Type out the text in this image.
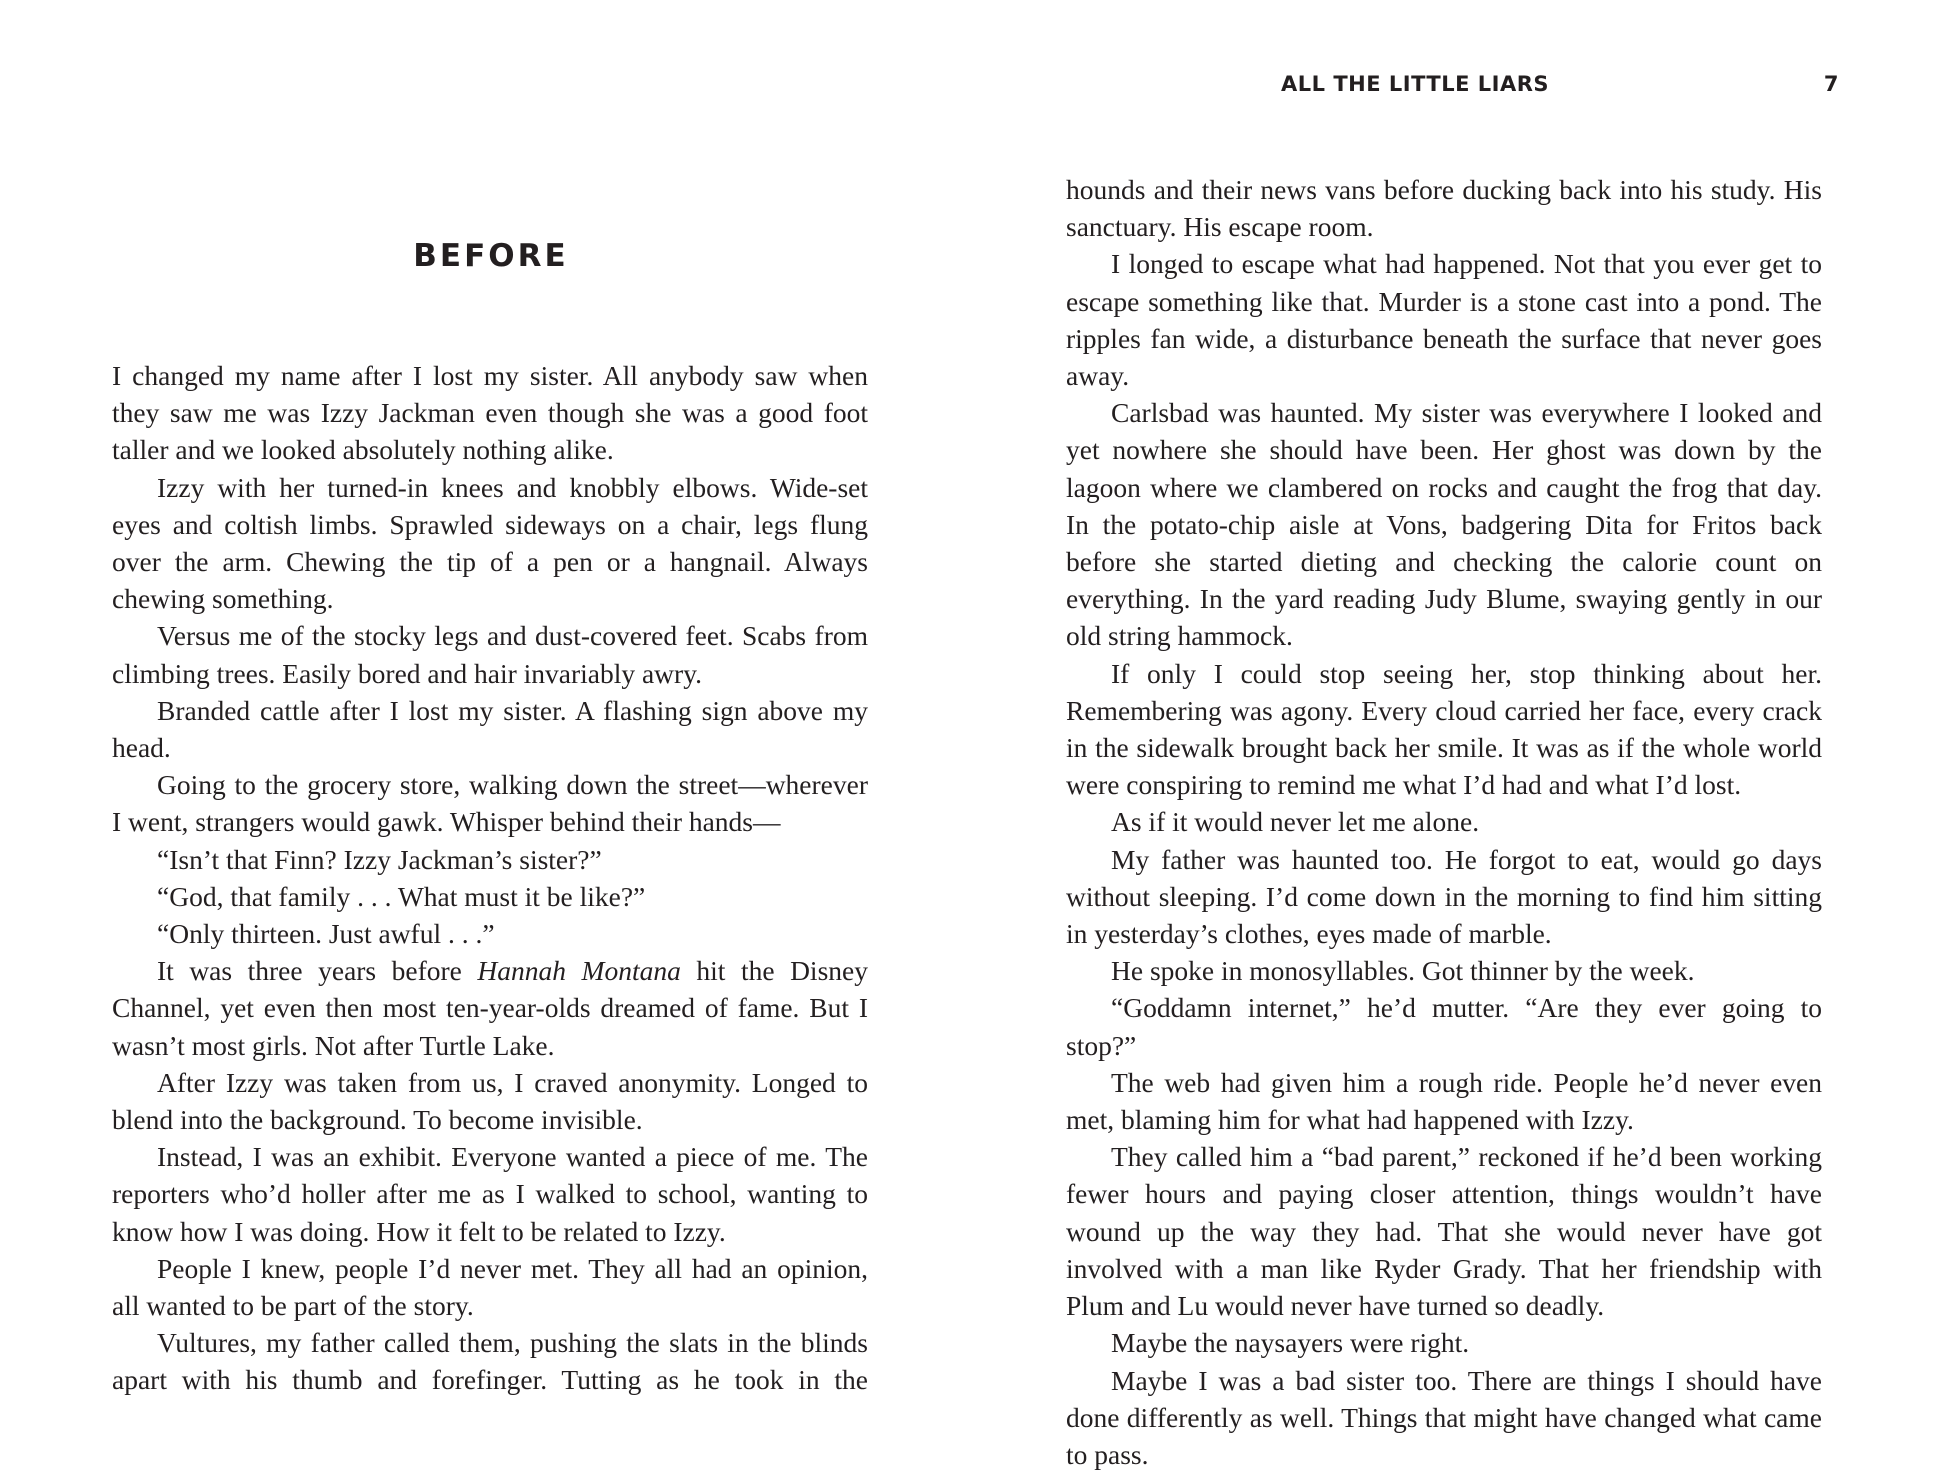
BEFORE

I changed my name after I lost my sister. All anybody saw when they saw me was Izzy Jackman even though she was a good foot taller and we looked absolutely nothing alike.

Izzy with her turned-in knees and knobbly elbows. Wide-set eyes and coltish limbs. Sprawled sideways on a chair, legs flung over the arm. Chewing the tip of a pen or a hangnail. Always chewing something.

Versus me of the stocky legs and dust-covered feet. Scabs from climbing trees. Easily bored and hair invariably awry.

Branded cattle after I lost my sister. A flashing sign above my head.

Going to the grocery store, walking down the street—wherever I went, strangers would gawk. Whisper behind their hands—

“Isn’t that Finn? Izzy Jackman’s sister?”

“God, that family . . . What must it be like?”

“Only thirteen. Just awful . . .”

It was three years before Hannah Montana hit the Disney Channel, yet even then most ten-year-olds dreamed of fame. But I wasn’t most girls. Not after Turtle Lake.

After Izzy was taken from us, I craved anonymity. Longed to blend into the background. To become invisible.

Instead, I was an exhibit. Everyone wanted a piece of me. The reporters who’d holler after me as I walked to school, wanting to know how I was doing. How it felt to be related to Izzy.

People I knew, people I’d never met. They all had an opinion, all wanted to be part of the story.

Vultures, my father called them, pushing the slats in the blinds apart with his thumb and forefinger. Tutting as he took in the

ALL THE LITTLE LIARS	7

hounds and their news vans before ducking back into his study. His sanctuary. His escape room.

I longed to escape what had happened. Not that you ever get to escape something like that. Murder is a stone cast into a pond. The ripples fan wide, a disturbance beneath the surface that never goes away.

Carlsbad was haunted. My sister was everywhere I looked and yet nowhere she should have been. Her ghost was down by the lagoon where we clambered on rocks and caught the frog that day. In the potato-chip aisle at Vons, badgering Dita for Fritos back before she started dieting and checking the calorie count on everything. In the yard reading Judy Blume, swaying gently in our old string hammock.

If only I could stop seeing her, stop thinking about her. Remembering was agony. Every cloud carried her face, every crack in the sidewalk brought back her smile. It was as if the whole world were conspiring to remind me what I’d had and what I’d lost.

As if it would never let me alone.

My father was haunted too. He forgot to eat, would go days without sleeping. I’d come down in the morning to find him sitting in yesterday’s clothes, eyes made of marble.

He spoke in monosyllables. Got thinner by the week.

“Goddamn internet,” he’d mutter. “Are they ever going to stop?”

The web had given him a rough ride. People he’d never even met, blaming him for what had happened with Izzy.

They called him a “bad parent,” reckoned if he’d been working fewer hours and paying closer attention, things wouldn’t have wound up the way they had. That she would never have got involved with a man like Ryder Grady. That her friendship with Plum and Lu would never have turned so deadly.

Maybe the naysayers were right.

Maybe I was a bad sister too. There are things I should have done differently as well. Things that might have changed what came to pass.
